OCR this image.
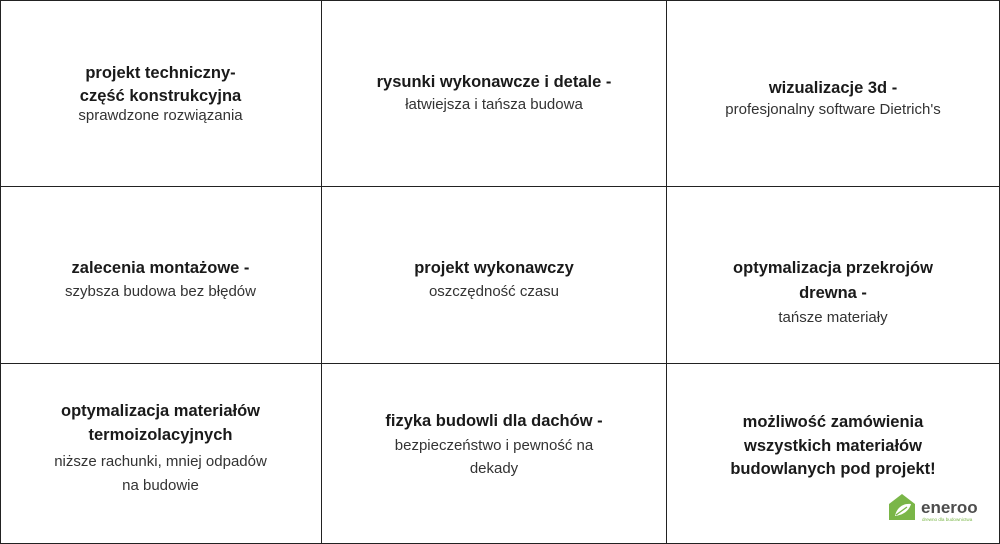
projekt techniczny-
część konstrukcyjna
sprawdzone rozwiązania
rysunki wykonawcze i detale -
łatwiejsza i tańsza budowa
wizualizacje 3d -
profesjonalny software Dietrich's
zalecenia montażowe -
szybsza budowa bez błędów
projekt wykonawczy
oszczędność czasu
optymalizacja przekrojów
drewna -
tańsze materiały
optymalizacja materiałów
termoizolacyjnych
niższe rachunki, mniej odpadów
na budowie
fizyka budowli dla dachów -
bezpieczeństwo i pewność na
dekady
możliwość zamówienia
wszystkich materiałów
budowlanych pod projekt!
eneroo
drewno dla budownictwa
